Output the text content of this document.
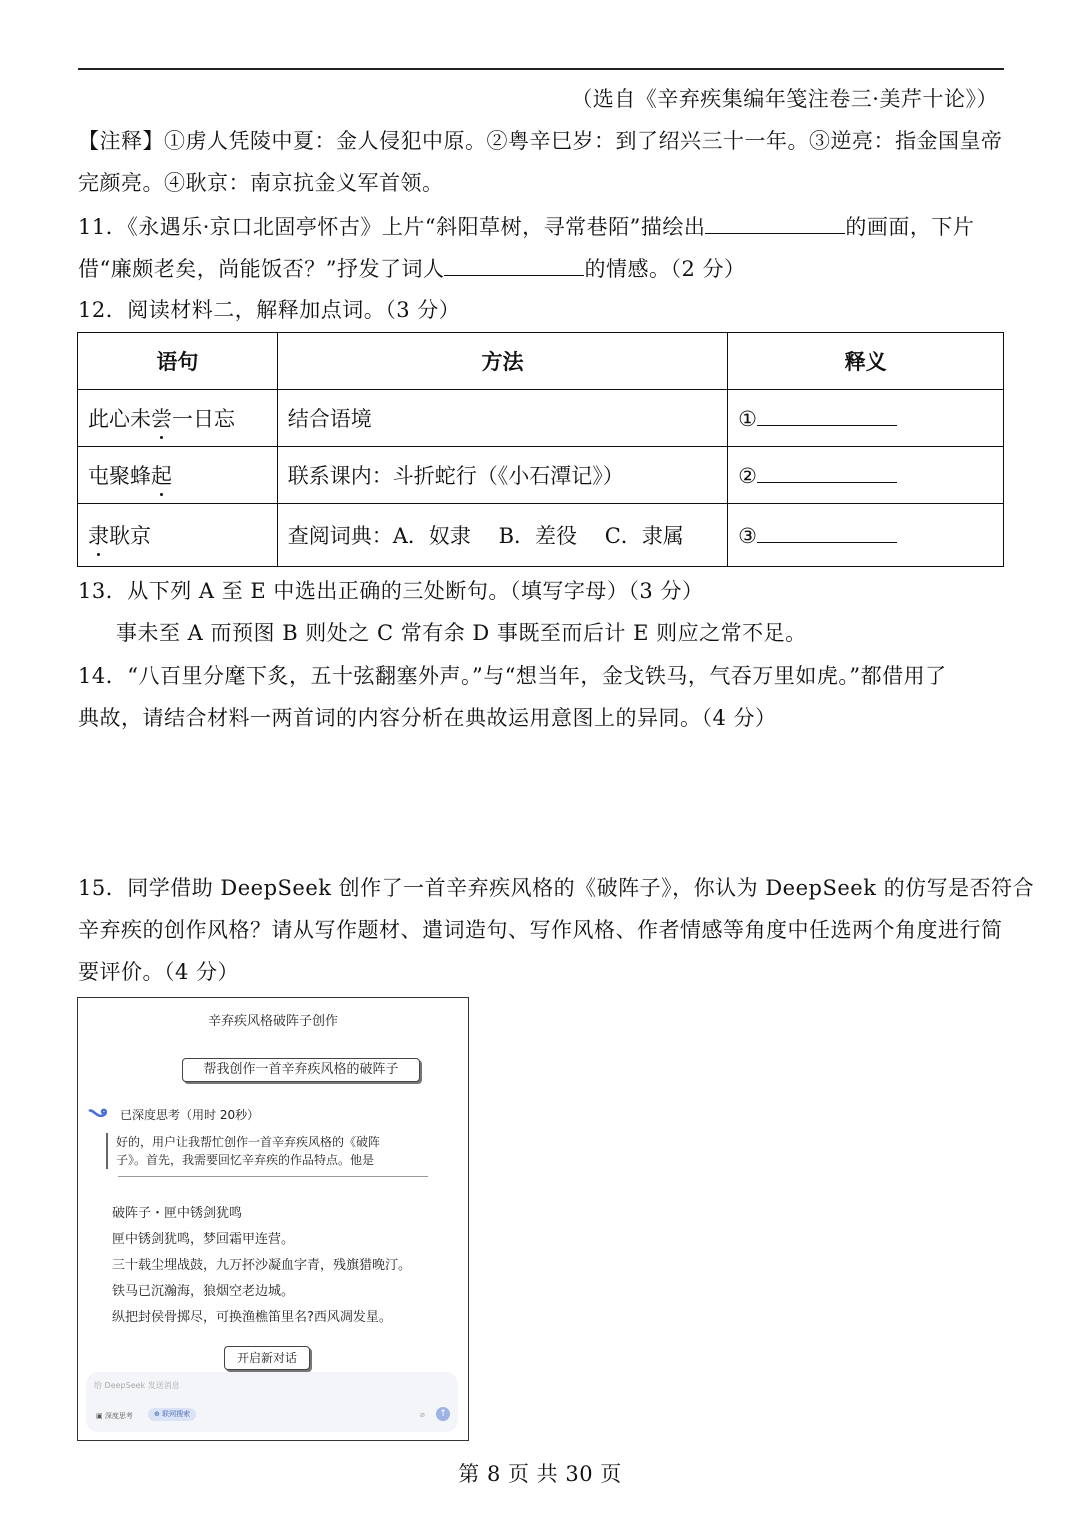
（选自《辛弃疾集编年笺注卷三·美芹十论》）
【注释】①虏人凭陵中夏：金人侵犯中原。②粤辛巳岁：到了绍兴三十一年。③逆亮：指金国皇帝
完颜亮。④耿京：南京抗金义军首领。
11．《永遇乐·京口北固亭怀古》上片“斜阳草树，寻常巷陌”描绘出	的画面，下片
借“廉颇老矣，尚能饭否？”抒发了词人	的情感。（2 分）
12．阅读材料二，解释加点词。（3 分）
语句	方法	释义
此心未尝一日忘	结合语境	①
屯聚蜂起	联系课内：斗折蛇行（《小石潭记》）	②
隶耿京	查阅词典：A．奴隶　 B．差役　 C．隶属	③
13．从下列 A 至 E 中选出正确的三处断句。（填写字母）（3 分）
事未至 A 而预图 B 则处之 C 常有余 D 事既至而后计 E 则应之常不足。
14．“八百里分麾下炙，五十弦翻塞外声。”与“想当年，金戈铁马，气吞万里如虎。”都借用了
典故，请结合材料一两首词的内容分析在典故运用意图上的异同。（4 分）
15．同学借助 DeepSeek 创作了一首辛弃疾风格的《破阵子》，你认为 DeepSeek 的仿写是否符合
辛弃疾的创作风格？请从写作题材、遣词造句、写作风格、作者情感等角度中任选两个角度进行简
要评价。（4 分）
辛弃疾风格破阵子创作
帮我创作一首辛弃疾风格的破阵子
已深度思考（用时 20秒）
好的，用户让我帮忙创作一首辛弃疾风格的《破阵
子》。首先，我需要回忆辛弃疾的作品特点。他是
破阵子・匣中锈剑犹鸣
匣中锈剑犹鸣，梦回霜甲连营。
三十载尘埋战鼓，九万抔沙凝血字青，残旗猎晚汀。
铁马已沉瀚海，狼烟空老边城。
纵把封侯骨掷尽，可换渔樵笛里名?西风凋发星。
开启新对话
给 DeepSeek 发送消息
▣ 深度思考	⊕ 联网搜索	⌀	↑
第 8 页 共 30 页
